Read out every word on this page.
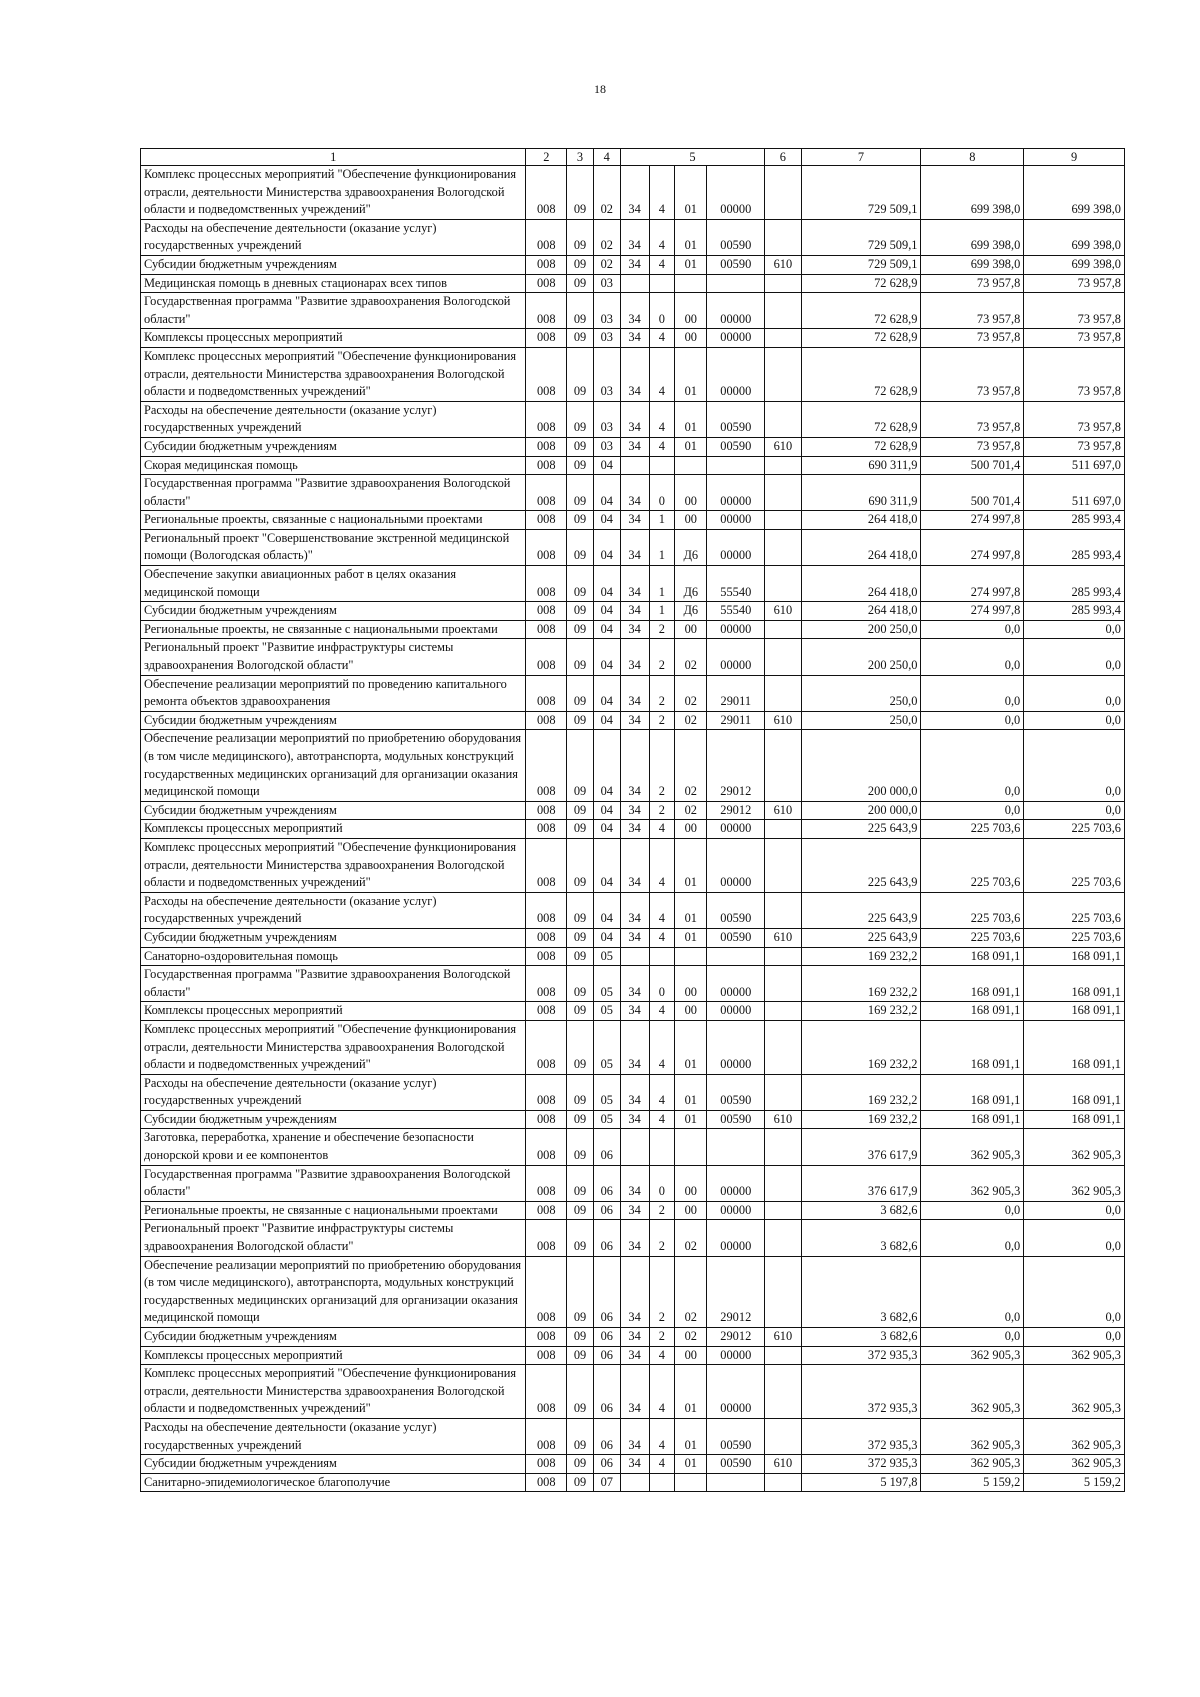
18
1	2	3	4	5				6	7	8	9
Комплекс процессных мероприятий "Обеспечение функционирования отрасли, деятельности Министерства здравоохранения Вологодской области и подведомственных учреждений"	008	09	02	34	4	01	00000		729 509,1	699 398,0	699 398,0
Расходы на обеспечение деятельности (оказание услуг) государственных учреждений	008	09	02	34	4	01	00590		729 509,1	699 398,0	699 398,0
Субсидии бюджетным учреждениям	008	09	02	34	4	01	00590	610	729 509,1	699 398,0	699 398,0
Медицинская помощь в дневных стационарах всех типов	008	09	03						72 628,9	73 957,8	73 957,8
Государственная программа "Развитие здравоохранения Вологодской области"	008	09	03	34	0	00	00000		72 628,9	73 957,8	73 957,8
Комплексы процессных мероприятий	008	09	03	34	4	00	00000		72 628,9	73 957,8	73 957,8
Комплекс процессных мероприятий "Обеспечение функционирования отрасли, деятельности Министерства здравоохранения Вологодской области и подведомственных учреждений"	008	09	03	34	4	01	00000		72 628,9	73 957,8	73 957,8
Расходы на обеспечение деятельности (оказание услуг) государственных учреждений	008	09	03	34	4	01	00590		72 628,9	73 957,8	73 957,8
Субсидии бюджетным учреждениям	008	09	03	34	4	01	00590	610	72 628,9	73 957,8	73 957,8
Скорая медицинская помощь	008	09	04						690 311,9	500 701,4	511 697,0
Государственная программа "Развитие здравоохранения Вологодской области"	008	09	04	34	0	00	00000		690 311,9	500 701,4	511 697,0
Региональные проекты, связанные с национальными проектами	008	09	04	34	1	00	00000		264 418,0	274 997,8	285 993,4
Региональный проект "Совершенствование экстренной медицинской помощи (Вологодская область)"	008	09	04	34	1	Д6	00000		264 418,0	274 997,8	285 993,4
Обеспечение закупки авиационных работ в целях оказания медицинской помощи	008	09	04	34	1	Д6	55540		264 418,0	274 997,8	285 993,4
Субсидии бюджетным учреждениям	008	09	04	34	1	Д6	55540	610	264 418,0	274 997,8	285 993,4
Региональные проекты, не связанные с национальными проектами	008	09	04	34	2	00	00000		200 250,0	0,0	0,0
Региональный проект "Развитие инфраструктуры системы здравоохранения Вологодской области"	008	09	04	34	2	02	00000		200 250,0	0,0	0,0
Обеспечение реализации мероприятий по проведению капитального ремонта объектов здравоохранения	008	09	04	34	2	02	29011		250,0	0,0	0,0
Субсидии бюджетным учреждениям	008	09	04	34	2	02	29011	610	250,0	0,0	0,0
Обеспечение реализации мероприятий по приобретению оборудования (в том числе медицинского), автотранспорта, модульных конструкций государственных медицинских организаций для организации оказания медицинской помощи	008	09	04	34	2	02	29012		200 000,0	0,0	0,0
Субсидии бюджетным учреждениям	008	09	04	34	2	02	29012	610	200 000,0	0,0	0,0
Комплексы процессных мероприятий	008	09	04	34	4	00	00000		225 643,9	225 703,6	225 703,6
Комплекс процессных мероприятий "Обеспечение функционирования отрасли, деятельности Министерства здравоохранения Вологодской области и подведомственных учреждений"	008	09	04	34	4	01	00000		225 643,9	225 703,6	225 703,6
Расходы на обеспечение деятельности (оказание услуг) государственных учреждений	008	09	04	34	4	01	00590		225 643,9	225 703,6	225 703,6
Субсидии бюджетным учреждениям	008	09	04	34	4	01	00590	610	225 643,9	225 703,6	225 703,6
Санаторно-оздоровительная помощь	008	09	05						169 232,2	168 091,1	168 091,1
Государственная программа "Развитие здравоохранения Вологодской области"	008	09	05	34	0	00	00000		169 232,2	168 091,1	168 091,1
Комплексы процессных мероприятий	008	09	05	34	4	00	00000		169 232,2	168 091,1	168 091,1
Комплекс процессных мероприятий "Обеспечение функционирования отрасли, деятельности Министерства здравоохранения Вологодской области и подведомственных учреждений"	008	09	05	34	4	01	00000		169 232,2	168 091,1	168 091,1
Расходы на обеспечение деятельности (оказание услуг) государственных учреждений	008	09	05	34	4	01	00590		169 232,2	168 091,1	168 091,1
Субсидии бюджетным учреждениям	008	09	05	34	4	01	00590	610	169 232,2	168 091,1	168 091,1
Заготовка, переработка, хранение и обеспечение безопасности донорской крови и ее компонентов	008	09	06						376 617,9	362 905,3	362 905,3
Государственная программа "Развитие здравоохранения Вологодской области"	008	09	06	34	0	00	00000		376 617,9	362 905,3	362 905,3
Региональные проекты, не связанные с национальными проектами	008	09	06	34	2	00	00000		3 682,6	0,0	0,0
Региональный проект "Развитие инфраструктуры системы здравоохранения Вологодской области"	008	09	06	34	2	02	00000		3 682,6	0,0	0,0
Обеспечение реализации мероприятий по приобретению оборудования (в том числе медицинского), автотранспорта, модульных конструкций государственных медицинских организаций для организации оказания медицинской помощи	008	09	06	34	2	02	29012		3 682,6	0,0	0,0
Субсидии бюджетным учреждениям	008	09	06	34	2	02	29012	610	3 682,6	0,0	0,0
Комплексы процессных мероприятий	008	09	06	34	4	00	00000		372 935,3	362 905,3	362 905,3
Комплекс процессных мероприятий "Обеспечение функционирования отрасли, деятельности Министерства здравоохранения Вологодской области и подведомственных учреждений"	008	09	06	34	4	01	00000		372 935,3	362 905,3	362 905,3
Расходы на обеспечение деятельности (оказание услуг) государственных учреждений	008	09	06	34	4	01	00590		372 935,3	362 905,3	362 905,3
Субсидии бюджетным учреждениям	008	09	06	34	4	01	00590	610	372 935,3	362 905,3	362 905,3
Санитарно-эпидемиологическое благополучие	008	09	07						5 197,8	5 159,2	5 159,2
